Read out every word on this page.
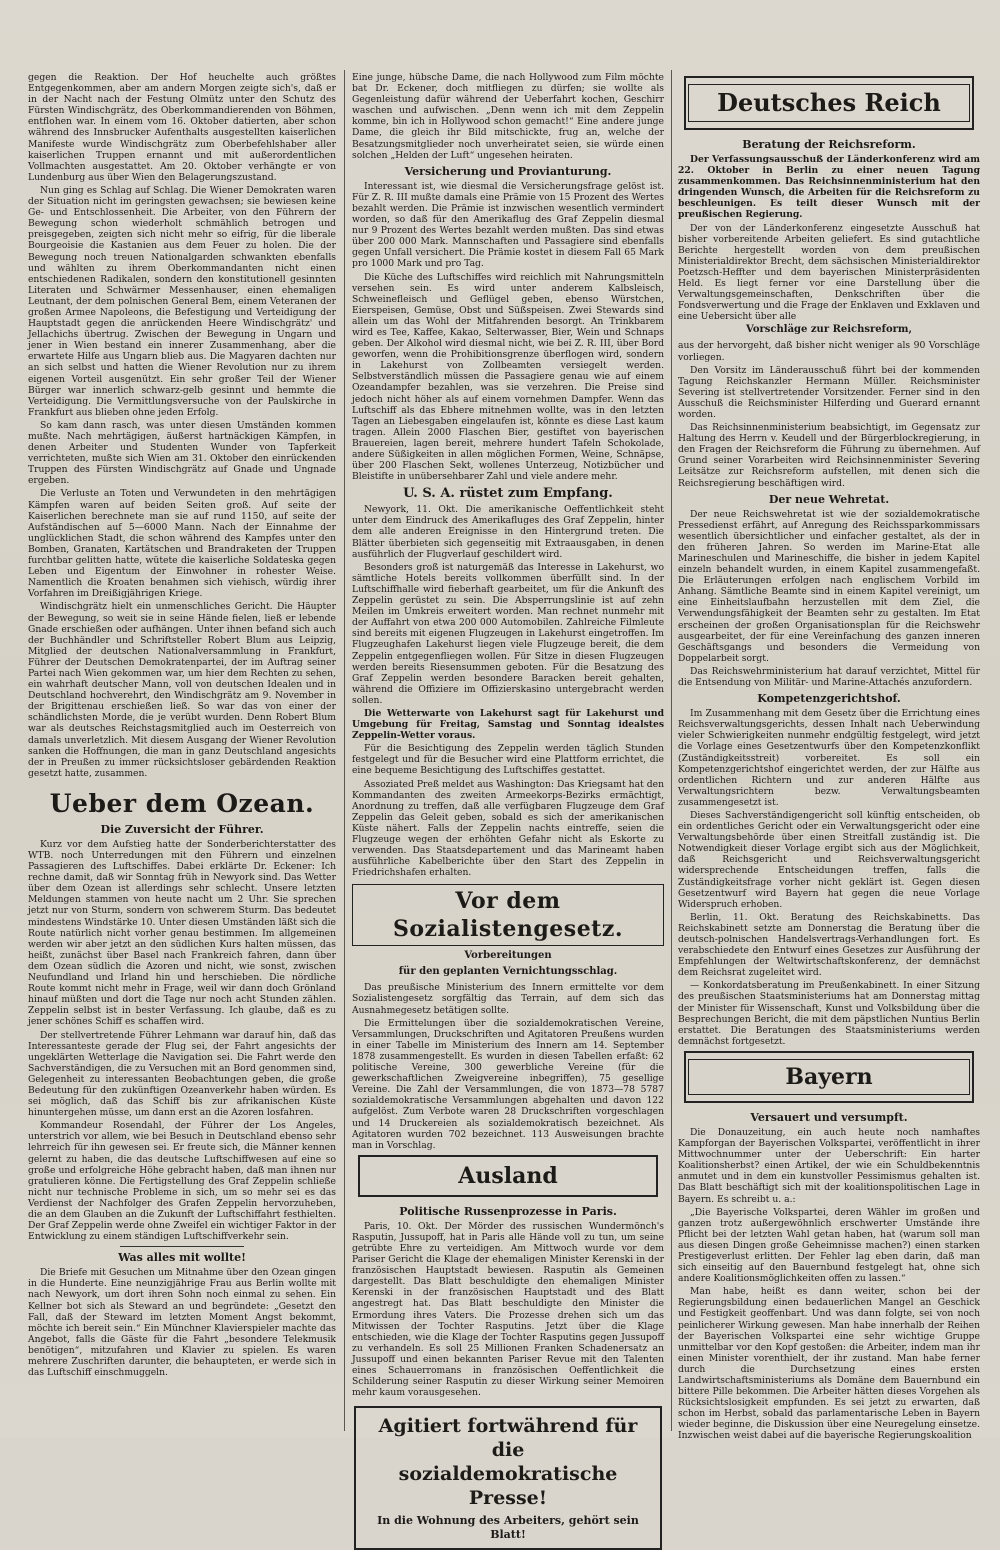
gegen die Reaktion. Der Hof heuchelte auch größtes Entgegenkommen, aber am andern Morgen zeigte sich's, daß er in der Nacht nach der Festung Olmütz unter den Schutz des Fürsten Windischgrätz, des Oberkommandierenden von Böhmen, entflohen war. In einem vom 16. Oktober datierten, aber schon während des Innsbrucker Aufenthalts ausgestellten kaiserlichen Manifeste wurde Windischgrätz zum Oberbefehlshaber aller kaiserlichen Truppen ernannt und mit außerordentlichen Vollmachten ausgestattet. Am 20. Oktober verhängte er von Lundenburg aus über Wien den Belagerungszustand.

Nun ging es Schlag auf Schlag. Die Wiener Demokraten waren der Situation nicht im geringsten gewachsen; sie bewiesen keine Ge- und Entschlossenheit. Die Arbeiter, von den Führern der Bewegung schon wiederholt schmählich betrogen und preisgegeben, zeigten sich nicht mehr so eifrig, für die liberale Bourgeoisie die Kastanien aus dem Feuer zu holen. Die der Bewegung noch treuen Nationalgarden schwankten ebenfalls und wählten zu ihrem Oberkommandanten nicht einen entschiedenen Radikalen, sondern den konstitutionell gesinnten Literaten und Schwärmer Messenhauser, einen ehemaligen Leutnant, der dem polnischen General Bem, einem Veteranen der großen Armee Napoleons, die Befestigung und Verteidigung der Hauptstadt gegen die anrückenden Heere Windischgrätz' und Jellachichs übertrug. Zwischen der Bewegung in Ungarn und jener in Wien bestand ein innerer Zusammenhang, aber die erwartete Hilfe aus Ungarn blieb aus. Die Magyaren dachten nur an sich selbst und hatten die Wiener Revolution nur zu ihrem eigenen Vorteil ausgenützt. Ein sehr großer Teil der Wiener Bürger war innerlich schwarz-gelb gesinnt und hemmte die Verteidigung. Die Vermittlungsversuche von der Paulskirche in Frankfurt aus blieben ohne jeden Erfolg.

So kam dann rasch, was unter diesen Umständen kommen mußte. Nach mehrtägigen, äußerst hartnäckigen Kämpfen, in denen Arbeiter und Studenten Wunder von Tapferkeit verrichteten, mußte sich Wien am 31. Oktober den einrückenden Truppen des Fürsten Windischgrätz auf Gnade und Ungnade ergeben.

Die Verluste an Toten und Verwundeten in den mehrtägigen Kämpfen waren auf beiden Seiten groß. Auf seite der Kaiserlichen berechnete man sie auf rund 1150, auf seite der Aufständischen auf 5—6000 Mann. Nach der Einnahme der unglücklichen Stadt, die schon während des Kampfes unter den Bomben, Granaten, Kartätschen und Brandraketen der Truppen furchtbar gelitten hatte, wütete die kaiserliche Soldateska gegen Leben und Eigentum der Einwohner in rohester Weise. Namentlich die Kroaten benahmen sich viehisch, würdig ihrer Vorfahren im Dreißigjährigen Kriege.

Windischgrätz hielt ein unmenschliches Gericht. Die Häupter der Bewegung, so weit sie in seine Hände fielen, ließ er lebende Gnade erschießen oder aufhängen. Unter ihnen befand sich auch der Buchhändler und Schriftsteller Robert Blum aus Leipzig, Mitglied der deutschen Nationalversammlung in Frankfurt, Führer der Deutschen Demokratenpartei, der im Auftrag seiner Partei nach Wien gekommen war, um hier dem Rechten zu sehen, ein wahrhaft deutscher Mann, voll von deutschen Idealen und in Deutschland hochverehrt, den Windischgrätz am 9. November in der Brigittenau erschießen ließ. So war das von einer der schändlichsten Morde, die je verübt wurden. Denn Robert Blum war als deutsches Reichstagsmitglied auch im Oesterreich von damals unverletzlich. Mit diesem Ausgang der Wiener Revolution sanken die Hoffnungen, die man in ganz Deutschland angesichts der in Preußen zu immer rücksichtsloser gebärdenden Reaktion gesetzt hatte, zusammen.

Ueber dem Ozean.
Die Zuversicht der Führer.

Kurz vor dem Aufstieg hatte der Sonderberichterstatter des WTB. noch Unterredungen mit den Führern und einzelnen Passagieren des Luftschiffes. Dabei erklärte Dr. Eckener: Ich rechne damit, daß wir Sonntag früh in Newyork sind. Das Wetter über dem Ozean ist allerdings sehr schlecht. Unsere letzten Meldungen stammen von heute nacht um 2 Uhr. Sie sprechen jetzt nur von Sturm, sondern von schwerem Sturm. Das bedeutet mindestens Windstärke 10. Unter diesen Umständen läßt sich die Route natürlich nicht vorher genau bestimmen. Im allgemeinen werden wir aber jetzt an den südlichen Kurs halten müssen, das heißt, zunächst über Basel nach Frankreich fahren, dann über dem Ozean südlich die Azoren und nicht, wie sonst, zwischen Neufundland und Irland hin und herschieben. Die nördliche Route kommt nicht mehr in Frage, weil wir dann doch Grönland hinauf müßten und dort die Tage nur noch acht Stunden zählen. Zeppelin selbst ist in bester Verfassung. Ich glaube, daß es zu jener schönes Schiff es schaffen wird.

Der stellvertretende Führer Lehmann war darauf hin, daß das Interessanteste gerade der Flug sei, der Fahrt angesichts der ungeklärten Wetterlage die Navigation sei. Die Fahrt werde den Sachverständigen, die zu Versuchen mit an Bord genommen sind, Gelegenheit zu interessanten Beobachtungen geben, die große Bedeutung für den zukünftigen Ozeanverkehr haben würden. Es sei möglich, daß das Schiff bis zur afrikanischen Küste hinuntergehen müsse, um dann erst an die Azoren losfahren.

Kommandeur Rosendahl, der Führer der Los Angeles, unterstrich vor allem, wie bei Besuch in Deutschland ebenso sehr lehrreich für ihn gewesen sei. Er freute sich, die Männer kennen gelernt zu haben, die das deutsche Luftschiffwesen auf eine so große und erfolgreiche Höhe gebracht haben, daß man ihnen nur gratulieren könne. Die Fertigstellung des Graf Zeppelin schließe nicht nur technische Probleme in sich, um so mehr sei es das Verdienst der Nachfolger des Grafen Zeppelin hervorzuheben, die an dem Glauben an die Zukunft der Luftschiffahrt festhielten. Der Graf Zeppelin werde ohne Zweifel ein wichtiger Faktor in der Entwicklung zu einem ständigen Luftschiffverkehr sein.

Was alles mit wollte!

Die Briefe mit Gesuchen um Mitnahme über den Ozean gingen in die Hunderte. Eine neunzigjährige Frau aus Berlin wollte mit nach Newyork, um dort ihren Sohn noch einmal zu sehen. Ein Kellner bot sich als Steward an und begründete: „Gesetzt den Fall, daß der Steward im letzten Moment Angst bekommt, möchte ich bereit sein.“ Ein Münchner Klavierspieler machte das Angebot, falls die Gäste für die Fahrt „besondere Telekmusik benötigen“, mitzufahren und Klavier zu spielen. Es waren mehrere Zuschriften darunter, die behaupteten, er werde sich in das Luftschiff einschmuggeln.

Eine junge, hübsche Dame, die nach Hollywood zum Film möchte bat Dr. Eckener, doch mitfliegen zu dürfen; sie wollte als Gegenleistung dafür während der Ueberfahrt kochen, Geschirr waschen und aufwischen. „Denn wenn ich mit dem Zeppelin komme, bin ich in Hollywood schon gemacht!“ Eine andere junge Dame, die gleich ihr Bild mitschickte, frug an, welche der Besatzungsmitglieder noch unverheiratet seien, sie würde einen solchen „Helden der Luft“ ungesehen heiraten.

Versicherung und Provianturung.

Interessant ist, wie diesmal die Versicherungsfrage gelöst ist. Für Z. R. III mußte damals eine Prämie von 15 Prozent des Wertes bezahlt werden. Die Prämie ist inzwischen wesentlich vermindert worden, so daß für den Amerikaflug des Graf Zeppelin diesmal nur 9 Prozent des Wertes bezahlt werden mußten. Das sind etwas über 200 000 Mark. Mannschaften und Passagiere sind ebenfalls gegen Unfall versichert. Die Prämie kostet in diesem Fall 65 Mark pro 1000 Mark und pro Tag.

Die Küche des Luftschiffes wird reichlich mit Nahrungsmitteln versehen sein. Es wird unter anderem Kalbsleisch, Schweinefleisch und Geflügel geben, ebenso Würstchen, Eierspeisen, Gemüse, Obst und Süßspeisen. Zwei Stewards sind allein um das Wohl der Mitfahrenden besorgt. An Trinkbarem wird es Tee, Kaffee, Kakao, Selterwasser, Bier, Wein und Schnaps geben. Der Alkohol wird diesmal nicht, wie bei Z. R. III, über Bord geworfen, wenn die Prohibitionsgrenze überflogen wird, sondern in Lakehurst von Zollbeamten versiegelt werden. Selbstverständlich müssen die Passagiere genau wie auf einem Ozeandampfer bezahlen, was sie verzehren. Die Preise sind jedoch nicht höher als auf einem vornehmen Dampfer. Wenn das Luftschiff als das Ebhere mitnehmen wollte, was in den letzten Tagen an Liebesgaben eingelaufen ist, könnte es diese Last kaum tragen. Allein 2000 Flaschen Bier, gestiftet von bayerischen Brauereien, lagen bereit, mehrere hundert Tafeln Schokolade, andere Süßigkeiten in allen möglichen Formen, Weine, Schnäpse, über 200 Flaschen Sekt, wollenes Unterzeug, Notizbücher und Bleistifte in unübersehbarer Zahl und viele andere mehr.

U. S. A. rüstet zum Empfang.

Newyork, 11. Okt. Die amerikanische Oeffentlichkeit steht unter dem Eindruck des Amerikafluges des Graf Zeppelin, hinter dem alle anderen Ereignisse in den Hintergrund treten. Die Blätter überbieten sich gegenseitig mit Extraausgaben, in denen ausführlich der Flugverlauf geschildert wird.

Besonders groß ist naturgemäß das Interesse in Lakehurst, wo sämtliche Hotels bereits vollkommen überfüllt sind. In der Luftschiffhalle wird fieberhaft gearbeitet, um für die Ankunft des Zeppelin gerüstet zu sein. Die Absperrungslinie ist auf zehn Meilen im Umkreis erweitert worden. Man rechnet nunmehr mit der Auffahrt von etwa 200 000 Automobilen. Zahlreiche Filmleute sind bereits mit eigenen Flugzeugen in Lakehurst eingetroffen. Im Flugzeughafen Lakehurst liegen viele Flugzeuge bereit, die dem Zeppelin entgegenfliegen wollen. Für Sitze in diesen Flugzeugen werden bereits Riesensummen geboten. Für die Besatzung des Graf Zeppelin werden besondere Baracken bereit gehalten, während die Offiziere im Offizierskasino untergebracht werden sollen.

Die Wetterwarte von Lakehurst sagt für Lakehurst und Umgebung für Freitag, Samstag und Sonntag idealstes Zeppelin-Wetter voraus.

Für die Besichtigung des Zeppelin werden täglich Stunden festgelegt und für die Besucher wird eine Plattform errichtet, die eine bequeme Besichtigung des Luftschiffes gestattet.

Assoziated Preß meldet aus Washington: Das Kriegsamt hat den Kommandanten des zweiten Armeekorps-Bezirks ermächtigt, Anordnung zu treffen, daß alle verfügbaren Flugzeuge dem Graf Zeppelin das Geleit geben, sobald es sich der amerikanischen Küste nähert. Falls der Zeppelin nachts eintreffe, seien die Flugzeuge wegen der erhöhten Gefahr nicht als Eskorte zu verwenden. Das Staatsdepartement und das Marineamt haben ausführliche Kabelberichte über den Start des Zeppelin in Friedrichshafen erhalten.

Vor dem Sozialistengesetz.
Vorbereitungen
für den geplanten Vernichtungsschlag.

Das preußische Ministerium des Innern ermittelte vor dem Sozialistengesetz sorgfältig das Terrain, auf dem sich das Ausnahmegesetz betätigen sollte.

Die Ermittelungen über die sozialdemokratischen Vereine, Versammlungen, Druckschriften und Agitatoren Preußens wurden in einer Tabelle im Ministerium des Innern am 14. September 1878 zusammengestellt. Es wurden in diesen Tabellen erfaßt: 62 politische Vereine, 300 gewerbliche Vereine (für die gewerkschaftlichen Zweigvereine inbegriffen), 75 gesellige Vereine. Die Zahl der Versammlungen, die von 1873—78 5787 sozialdemokratische Versammlungen abgehalten und davon 122 aufgelöst. Zum Verbote waren 28 Druckschriften vorgeschlagen und 14 Druckereien als sozialdemokratisch bezeichnet. Als Agitatoren wurden 702 bezeichnet. 113 Ausweisungen brachte man in Vorschlag.

Ausland
Politische Russenprozesse in Paris.

Paris, 10. Okt. Der Mörder des russischen Wundermönch's Rasputin, Jussupoff, hat in Paris alle Hände voll zu tun, um seine getrübte Ehre zu verteidigen. Am Mittwoch wurde vor dem Pariser Gericht die Klage der ehemaligen Minister Kerenski in der französischen Hauptstadt bewiesen. Rasputin als Gemeinen dargestellt. Das Blatt beschuldigte den ehemaligen Minister Kerenski in der französischen Hauptstadt und des Blatt angestregt hat. Das Blatt beschuldigte den Minister die Ermordung ihres Vaters. Die Prozesse drehen sich um das Mitwissen der Tochter Rasputins. Jetzt über die Klage entschieden, wie die Klage der Tochter Rasputins gegen Jussupoff zu verhandeln. Es soll 25 Millionen Franken Schadenersatz an Jussupoff und einen bekannten Pariser Revue mit den Talenten eines Schauerromans in französischen Oeffentlichkeit die Schilderung seiner Rasputin zu dieser Wirkung seiner Memoiren mehr kaum vorausgesehen.

Agitiert fortwährend für die
sozialdemokratische Presse!
In die Wohnung des Arbeiters, gehört sein Blatt!
Deutsches Reich
Beratung der Reichsreform.

Der Verfassungsausschuß der Länderkonferenz wird am 22. Oktober in Berlin zu einer neuen Tagung zusammenkommen. Das Reichsinnenministerium hat den dringenden Wunsch, die Arbeiten für die Reichsreform zu beschleunigen. Es teilt dieser Wunsch mit der preußischen Regierung.

Der von der Länderkonferenz eingesetzte Ausschuß hat bisher vorbereitende Arbeiten geliefert. Es sind gutachtliche Berichte hergestellt worden von dem preußischen Ministerialdirektor Brecht, dem sächsischen Ministerialdirektor Poetzsch-Heffter und dem bayerischen Ministerpräsidenten Held. Es liegt ferner vor eine Darstellung über die Verwaltungsgemeinschaften, Denkschriften über die Fondsverwertung und die Frage der Enklaven und Exklaven und eine Uebersicht über alle

Vorschläge zur Reichsreform,

aus der hervorgeht, daß bisher nicht weniger als 90 Vorschläge vorliegen.

Den Vorsitz im Länderausschuß führt bei der kommenden Tagung Reichskanzler Hermann Müller. Reichsminister Severing ist stellvertretender Vorsitzender. Ferner sind in den Ausschuß die Reichsminister Hilferding und Guerard ernannt worden.

Das Reichsinnenministerium beabsichtigt, im Gegensatz zur Haltung des Herrn v. Keudell und der Bürgerblockregierung, in den Fragen der Reichsreform die Führung zu übernehmen. Auf Grund seiner Vorarbeiten wird Reichsinnenminister Severing Leitsätze zur Reichsreform aufstellen, mit denen sich die Reichsregierung beschäftigen wird.

Der neue Wehretat.

Der neue Reichswehretat ist wie der sozialdemokratische Pressedienst erfährt, auf Anregung des Reichssparkommissars wesentlich übersichtlicher und einfacher gestaltet, als der in den früheren Jahren. So werden im Marine-Etat alle Marineschulen und Marineschiffe, die bisher in jedem Kapitel einzeln behandelt wurden, in einem Kapitel zusammengefaßt. Die Erläuterungen erfolgen nach englischem Vorbild im Anhang. Sämtliche Beamte sind in einem Kapitel vereinigt, um eine Einheitslaufbahn herzustellen mit dem Ziel, die Verwendungsfähigkeit der Beamten sehr zu gestalten. Im Etat erscheinen der großen Organisationsplan für die Reichswehr ausgearbeitet, der für eine Vereinfachung des ganzen inneren Geschäftsgangs und besonders die Vermeidung von Doppelarbeit sorgt.

Das Reichswehrministerium hat darauf verzichtet, Mittel für die Entsendung von Militär- und Marine-Attachés anzufordern.

Kompetenzgerichtshof.

Im Zusammenhang mit dem Gesetz über die Errichtung eines Reichsverwaltungsgerichts, dessen Inhalt nach Ueberwindung vieler Schwierigkeiten nunmehr endgültig festgelegt, wird jetzt die Vorlage eines Gesetzentwurfs über den Kompetenzkonflikt (Zuständigkeitsstreit) vorbereitet. Es soll ein Kompetenzgerichtshof eingerichtet werden, der zur Hälfte aus ordentlichen Richtern und zur anderen Hälfte aus Verwaltungsrichtern bezw. Verwaltungsbeamten zusammengesetzt ist.

Dieses Sachverständigengericht soll künftig entscheiden, ob ein ordentliches Gericht oder ein Verwaltungsgericht oder eine Verwaltungsbehörde über einen Streitfall zuständig ist. Die Notwendigkeit dieser Vorlage ergibt sich aus der Möglichkeit, daß Reichsgericht und Reichsverwaltungsgericht widersprechende Entscheidungen treffen, falls die Zuständigkeitsfrage vorher nicht geklärt ist. Gegen diesen Gesetzentwurf wird Bayern hat gegen die neue Vorlage Widerspruch erhoben.

Berlin, 11. Okt. Beratung des Reichskabinetts. Das Reichskabinett setzte am Donnerstag die Beratung über die deutsch-polnischen Handelsvertrags-Verhandlungen fort. Es verabschiedete den Entwurf eines Gesetzes zur Ausführung der Empfehlungen der Weltwirtschaftskonferenz, der demnächst dem Reichsrat zugeleitet wird.

— Konkordatsberatung im Preußenkabinett. In einer Sitzung des preußischen Staatsministeriums hat am Donnerstag mittag der Minister für Wissenschaft, Kunst und Volksbildung über die Besprechungen Bericht, die mit dem päpstlichen Nuntius Berlin erstattet. Die Beratungen des Staatsministeriums werden demnächst fortgesetzt.

Bayern
Versauert und versumpft.

Die Donauzeitung, ein auch heute noch namhaftes Kampforgan der Bayerischen Volkspartei, veröffentlicht in ihrer Mittwochnummer unter der Ueberschrift: Ein harter Koalitionsherbst? einen Artikel, der wie ein Schuldbekenntnis anmutet und in dem ein kunstvoller Pessimismus gehalten ist. Das Blatt beschäftigt sich mit der koalitionspolitischen Lage in Bayern. Es schreibt u. a.:

„Die Bayerische Volkspartei, deren Wähler im großen und ganzen trotz außergewöhnlich erschwerter Umstände ihre Pflicht bei der letzten Wahl getan haben, hat (warum soll man aus diesen Dingen große Geheimnisse machen?) einen starken Prestigeverlust erlitten. Der Fehler lag eben darin, daß man sich einseitig auf den Bauernbund festgelegt hat, ohne sich andere Koalitionsmöglichkeiten offen zu lassen.“

Man habe, heißt es dann weiter, schon bei der Regierungsbildung einen bedauerlichen Mangel an Geschick und Festigkeit geoffenbart. Und was dann folgte, sei von noch peinlicherer Wirkung gewesen. Man habe innerhalb der Reihen der Bayerischen Volkspartei eine sehr wichtige Gruppe unmittelbar vor den Kopf gestoßen: die Arbeiter, indem man ihr einen Minister vorenthielt, der ihr zustand. Man habe ferner durch die Durchsetzung eines ersten Landwirtschaftsministeriums als Domäne dem Bauernbund ein bittere Pille bekommen. Die Arbeiter hätten dieses Vorgehen als Rücksichtslosigkeit empfunden. Es sei jetzt zu erwarten, daß schon im Herbst, sobald das parlamentarische Leben in Bayern wieder beginne, die Diskussion über eine Neuregelung einsetze. Inzwischen weist dabei auf die bayerische Regierungskoalition
